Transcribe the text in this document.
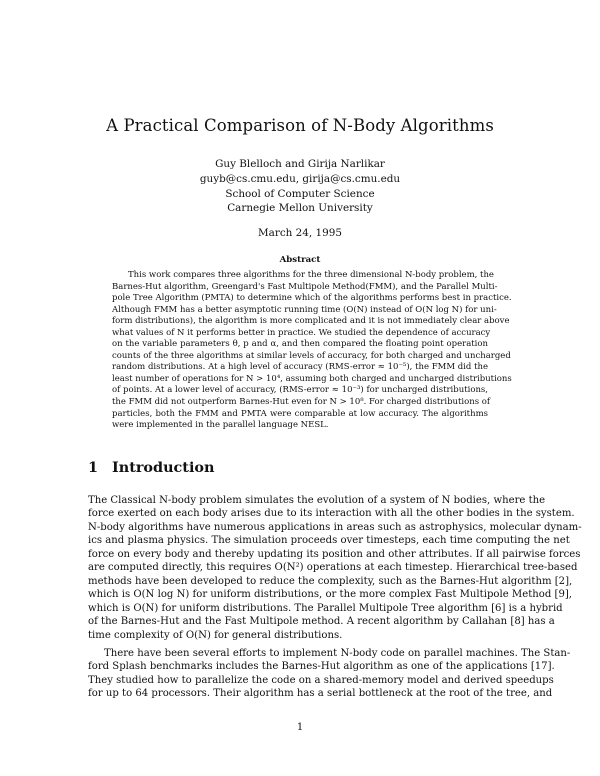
A Practical Comparison of N-Body Algorithms
Guy Blelloch and Girija Narlikar
guyb@cs.cmu.edu, girija@cs.cmu.edu
School of Computer Science
Carnegie Mellon University
March 24, 1995
Abstract
This work compares three algorithms for the three dimensional N-body problem, the
Barnes-Hut algorithm, Greengard's Fast Multipole Method(FMM), and the Parallel Multi-
pole Tree Algorithm (PMTA) to determine which of the algorithms performs best in practice.
Although FMM has a better asymptotic running time (O(N) instead of O(N log N) for uni-
form distributions), the algorithm is more complicated and it is not immediately clear above
what values of N it performs better in practice. We studied the dependence of accuracy
on the variable parameters θ, p and α, and then compared the floating point operation
counts of the three algorithms at similar levels of accuracy, for both charged and uncharged
random distributions. At a high level of accuracy (RMS-error ≈ 10⁻⁵), the FMM did the
least number of operations for N > 10⁴, assuming both charged and uncharged distributions
of points. At a lower level of accuracy, (RMS-error ≈ 10⁻³) for uncharged distributions,
the FMM did not outperform Barnes-Hut even for N > 10⁸. For charged distributions of
particles, both the FMM and PMTA were comparable at low accuracy. The algorithms
were implemented in the parallel language NESL.
1 Introduction
The Classical N-body problem simulates the evolution of a system of N bodies, where the
force exerted on each body arises due to its interaction with all the other bodies in the system.
N-body algorithms have numerous applications in areas such as astrophysics, molecular dynam-
ics and plasma physics. The simulation proceeds over timesteps, each time computing the net
force on every body and thereby updating its position and other attributes. If all pairwise forces
are computed directly, this requires O(N²) operations at each timestep. Hierarchical tree-based
methods have been developed to reduce the complexity, such as the Barnes-Hut algorithm [2],
which is O(N log N) for uniform distributions, or the more complex Fast Multipole Method [9],
which is O(N) for uniform distributions. The Parallel Multipole Tree algorithm [6] is a hybrid
of the Barnes-Hut and the Fast Multipole method. A recent algorithm by Callahan [8] has a
time complexity of O(N) for general distributions.
There have been several efforts to implement N-body code on parallel machines. The Stan-
ford Splash benchmarks includes the Barnes-Hut algorithm as one of the applications [17].
They studied how to parallelize the code on a shared-memory model and derived speedups
for up to 64 processors. Their algorithm has a serial bottleneck at the root of the tree, and
1
